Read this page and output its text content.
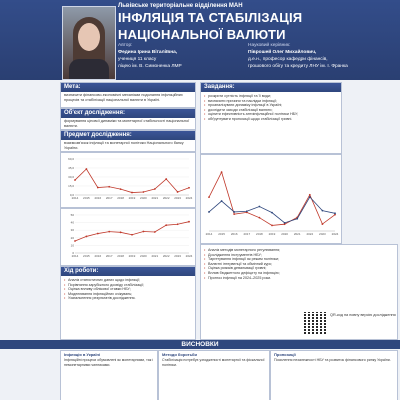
Львівське територіальне відділення МАН
ІНФЛЯЦІЯ ТА СТАБІЛІЗАЦІЯ
НАЦІОНАЛЬНОЇ ВАЛЮТИ
Автор:
Федина Ірина Віталіївна,
учениця 11 класу
ліцею ім. В. Симоненка ЛМР
Науковий керівник:
Піврошей Олег Михайлович,
д.е.н., професор кафедри фінансів,
грошового обігу та кредиту ЛНУ ім. І. Франка
Мета:
визначити фінансово-економічні механізми подолання інфляційних процесів та стабілізації національної валюти в Україні.
Об'єкт дослідження:
формування цінової динаміки та монетарної стабільності національної валюти.
Предмет дослідження:
взаємозв'язок інфляції та монетарної політики Національного банку України.
0,0
15,0
30,0
45,0
60,0
2014 2015 2016 2017 2018 2019 2020 2021 2022 2023 2024
0
10
20
30
40
50
2014 2015 2016 2017 2018 2019 2020 2021 2022 2023 2024
Хід роботи:
• Аналіз статистичних даних щодо інфляції;
• Порівняння зарубіжного досвіду стабілізації;
• Оцінка впливу облікової ставки НБУ;
• Моделювання інфляційних очікувань;
• Узагальнення результатів дослідження.
Завдання:
• розкрити сутність інфляції та її види;
• визначити причини та наслідки інфляції;
• проаналізувати динаміку інфляції в Україні;
• дослідити заходи стабілізації валюти;
• оцінити ефективність антиінфляційної політики НБУ;
• обґрунтувати пропозиції щодо стабілізації гривні.
2014 2015 2016 2017 2018 2019 2020 2021 2022 2023 2024
• Аналіз методів монетарного регулювання;
• Дослідження інструментів НБУ;
• Таргетування інфляції як режим політики;
• Валютні інтервенції та обмінний курс;
• Оцінка ризиків девальвації гривні;
• Вплив бюджетного дефіциту на інфляцію;
• Прогноз інфляції на 2024–2025 роки.
QR-код на повну версію дослідження
ВИСНОВКИ
Інфляція в Україні
Інфляційні процеси обумовлені як монетарними, так і немонетарними чинниками.
Методи боротьби
Стабілізація потребує узгодженості монетарної та фіскальної політики.
Пропозиції
Посилення незалежності НБУ та розвиток фінансового ринку України.
